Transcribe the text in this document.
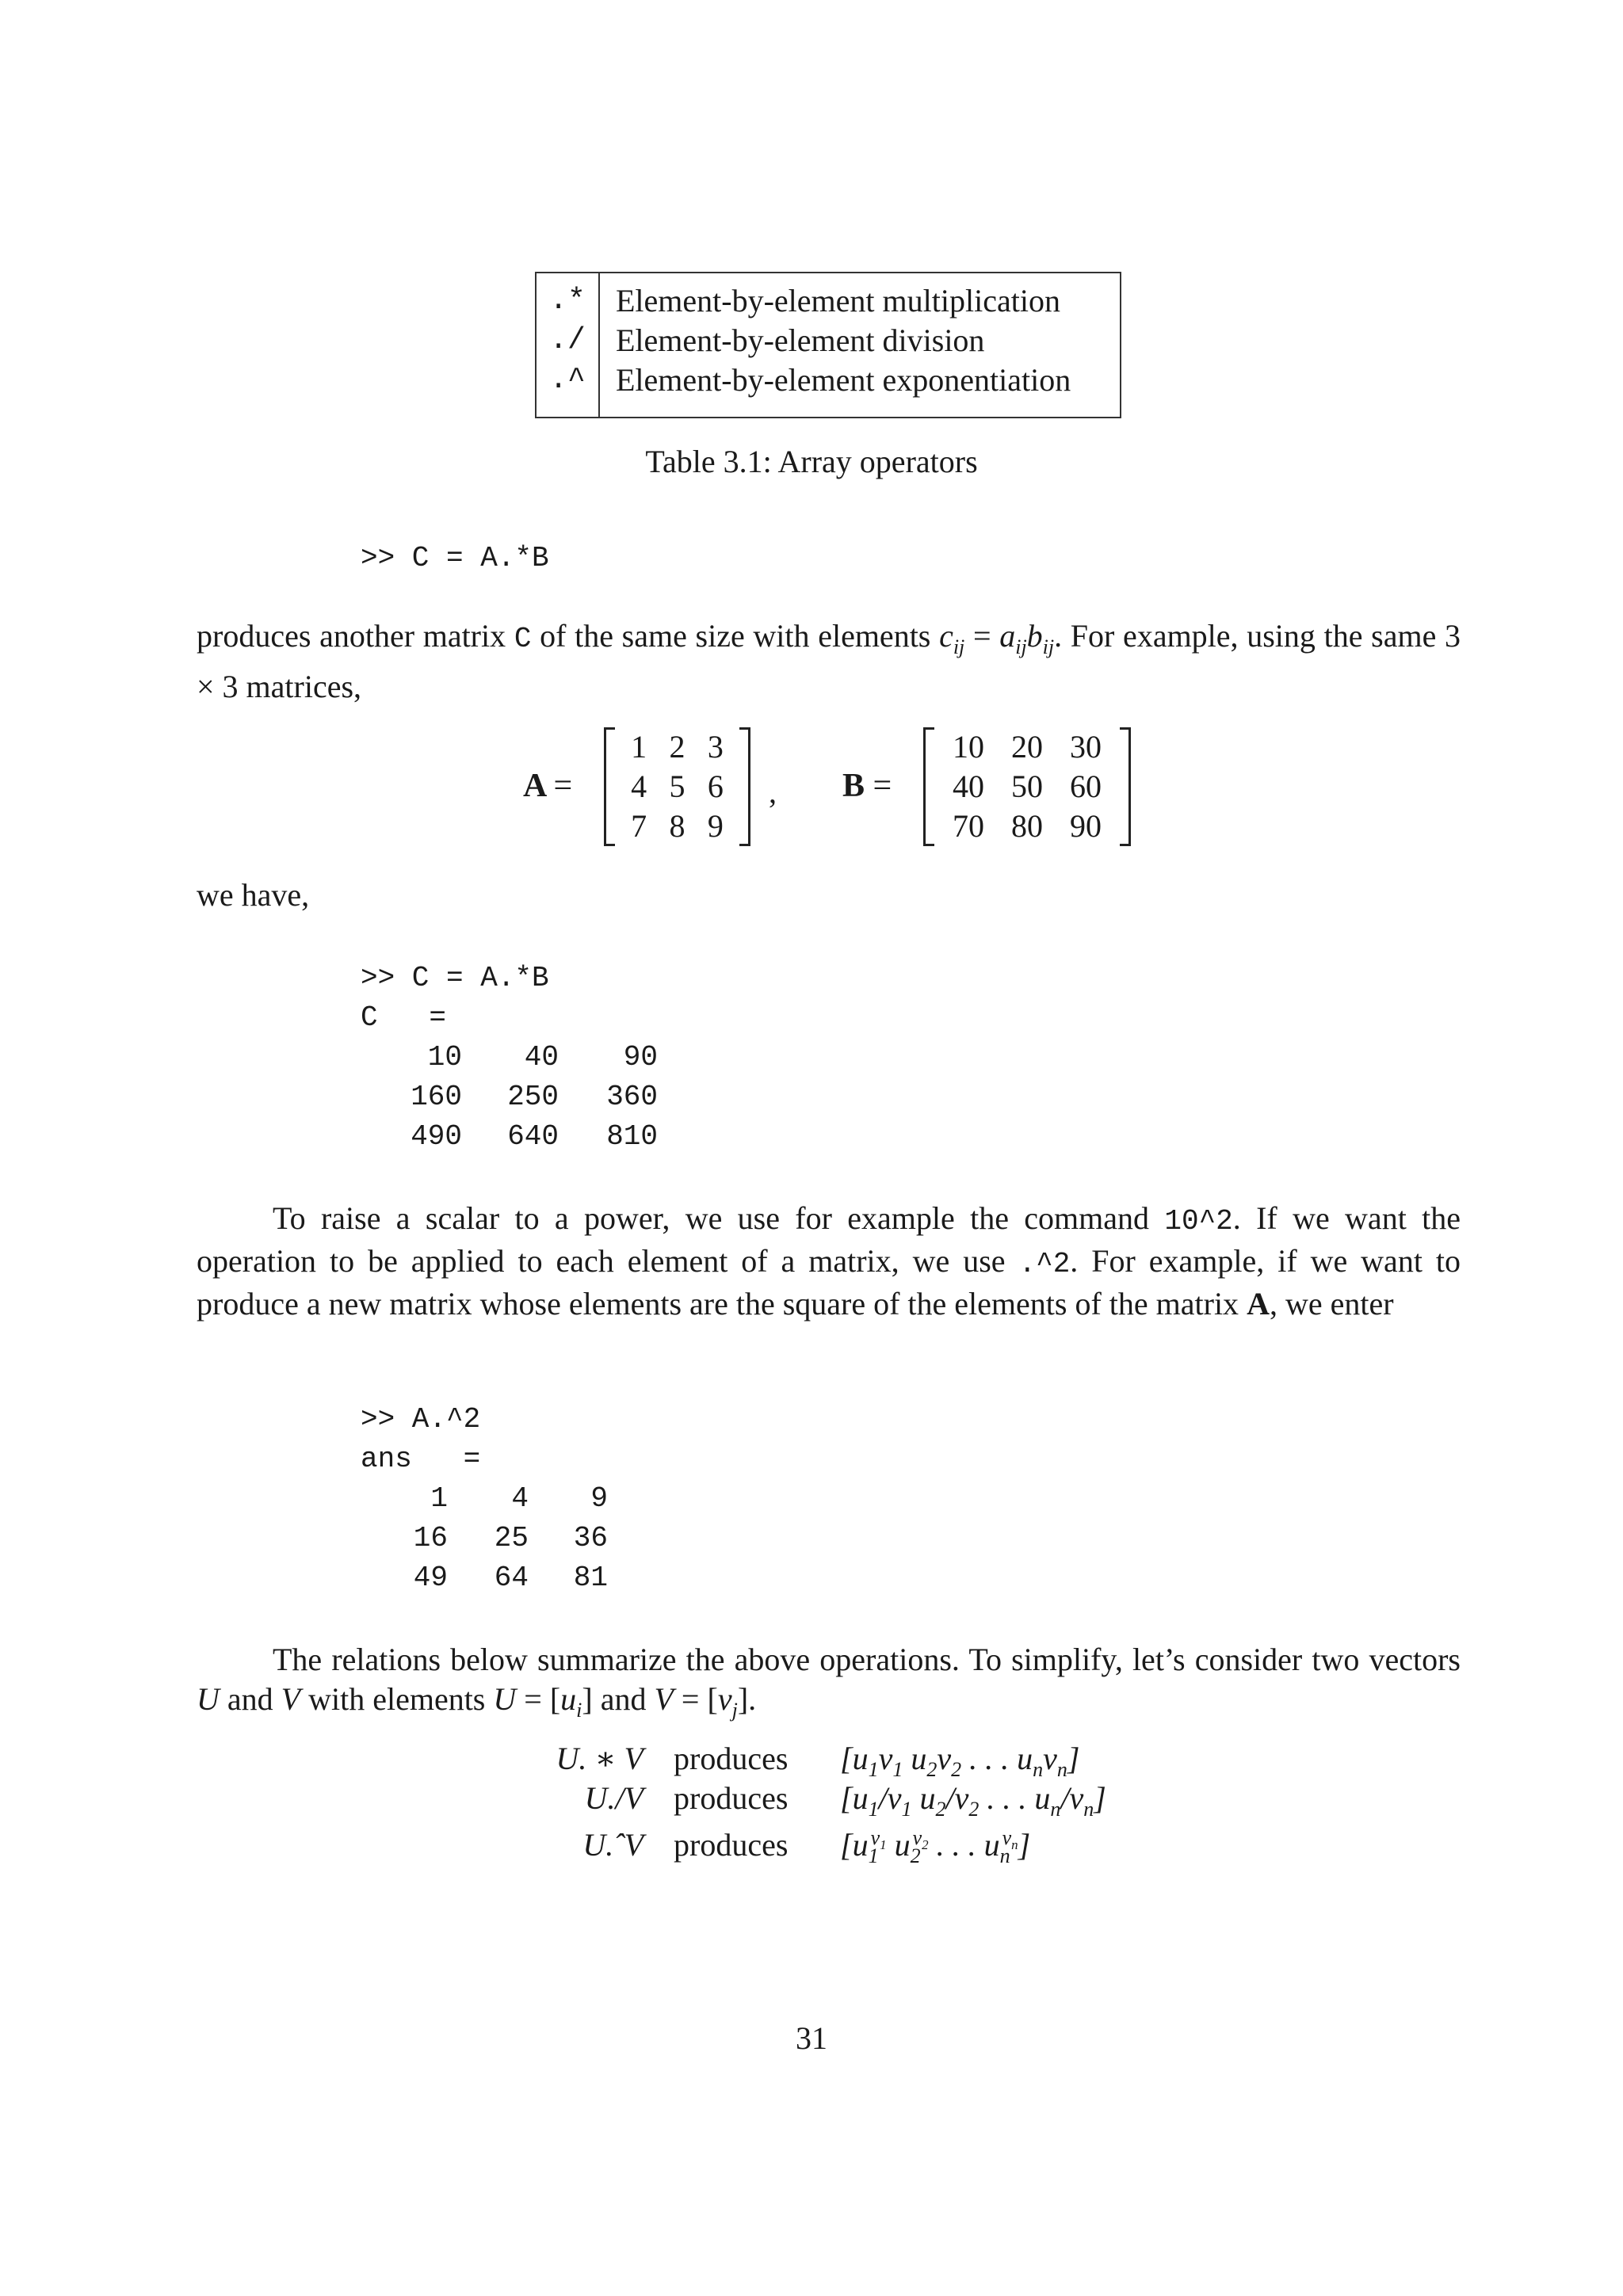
.* Element-by-element multiplication
./ Element-by-element division
.^ Element-by-element exponentiation
Table 3.1: Array operators
>> C = A.*B
produces another matrix C of the same size with elements $c_{ij} = a_{ij}b_{ij}$. For example, using the same 3 × 3 matrices,
A =
1 2 3
4 5 6
7 8 9
, B =
10 20 30
40 50 60
70 80 90
we have,
>> C = A.*B
C   =
10 40 90
160 250 360
490 640 810
To raise a scalar to a power, we use for example the command 10^2. If we want the operation to be applied to each element of a matrix, we use .^2. For example, if we want to produce a new matrix whose elements are the square of the elements of the matrix A, we enter
>> A.^2
ans   =
1 4 9
16 25 36
49 64 81
The relations below summarize the above operations. To simplify, let’s consider two vectors U and V with elements $U = [u_i]$ and $V = [v_j]$.
U. ∗ V produces [$u_1v_1$ $u_2v_2$ . . . $u_nv_n$]
U./V produces [$u_1/v_1$ $u_2/v_2$ . . . $u_n/v_n$]
U.ˆV produces [$u_1^{v_1}$ $u_2^{v_2}$ . . . $u_n^{v_n}$]
31
